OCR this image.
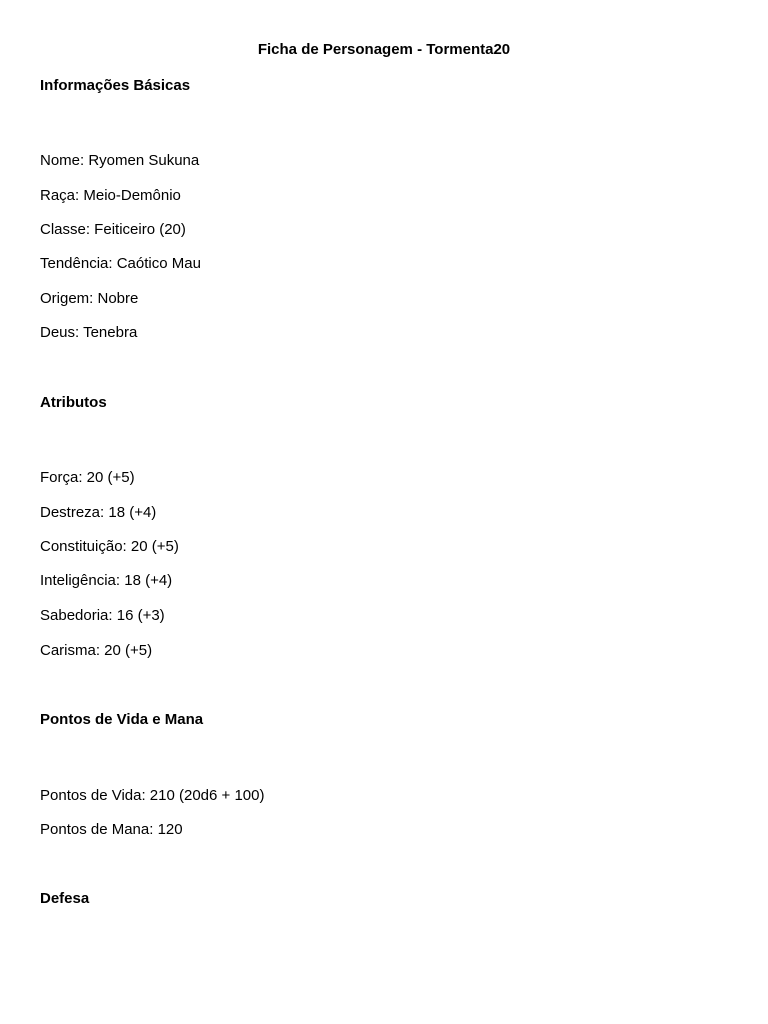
Ficha de Personagem - Tormenta20
Informações Básicas
Nome: Ryomen Sukuna
Raça: Meio-Demônio
Classe: Feiticeiro (20)
Tendência: Caótico Mau
Origem: Nobre
Deus: Tenebra
Atributos
Força: 20 (+5)
Destreza: 18 (+4)
Constituição: 20 (+5)
Inteligência: 18 (+4)
Sabedoria: 16 (+3)
Carisma: 20 (+5)
Pontos de Vida e Mana
Pontos de Vida: 210 (20d6 + 100)
Pontos de Mana: 120
Defesa
